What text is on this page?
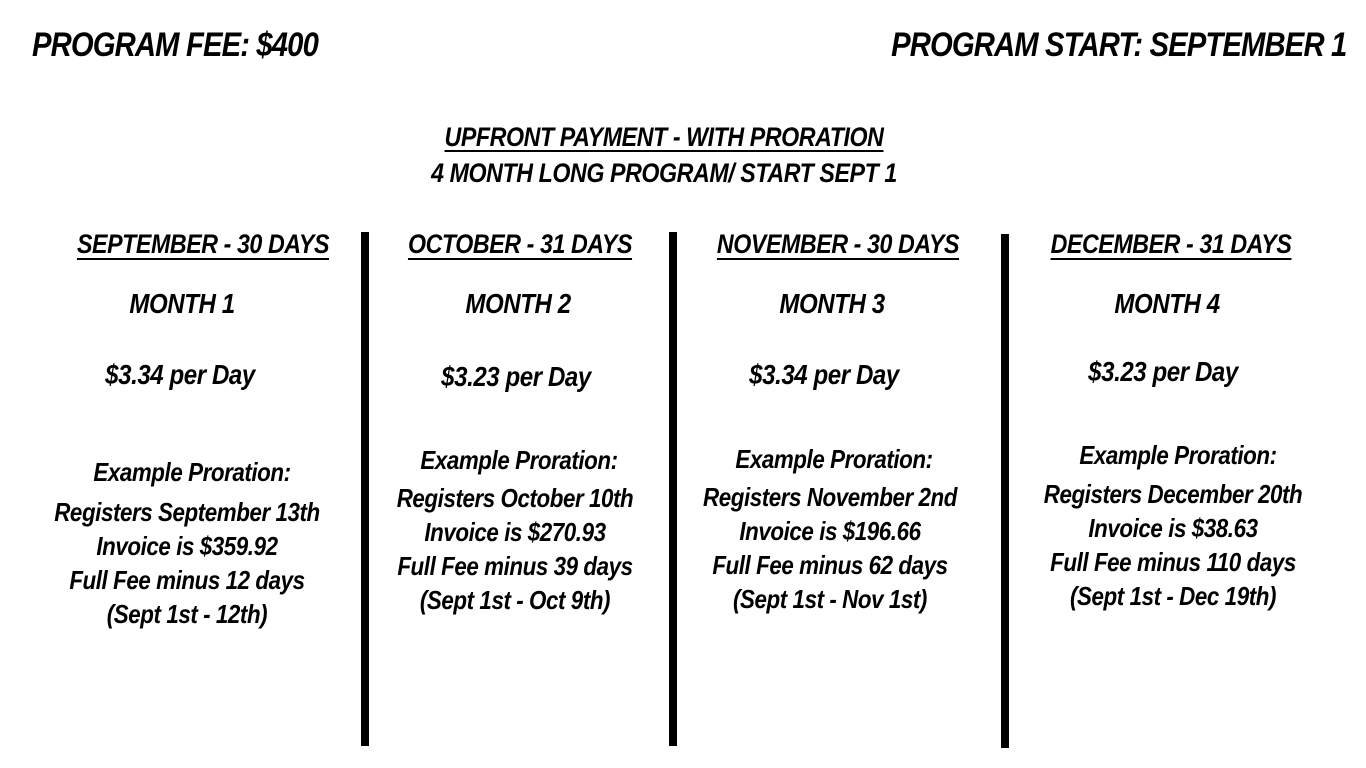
PROGRAM FEE: $400	PROGRAM START: SEPTEMBER 1

UPFRONT PAYMENT - WITH PRORATION

4 MONTH LONG PROGRAM/ START SEPT 1

SEPTEMBER - 30 DAYS

MONTH 1

$3.34 per Day

Example Proration:

Registers September 13th
Invoice is $359.92
Full Fee minus 12 days
(Sept 1st - 12th)

OCTOBER - 31 DAYS

MONTH 2

$3.23 per Day

Example Proration:

Registers October 10th
Invoice is $270.93
Full Fee minus 39 days
(Sept 1st - Oct 9th)

NOVEMBER - 30 DAYS

MONTH 3

$3.34 per Day

Example Proration:

Registers November 2nd
Invoice is $196.66
Full Fee minus 62 days
(Sept 1st - Nov 1st)

DECEMBER - 31 DAYS

MONTH 4

$3.23 per Day

Example Proration:

Registers December 20th
Invoice is $38.63
Full Fee minus 110 days
(Sept 1st - Dec 19th)
